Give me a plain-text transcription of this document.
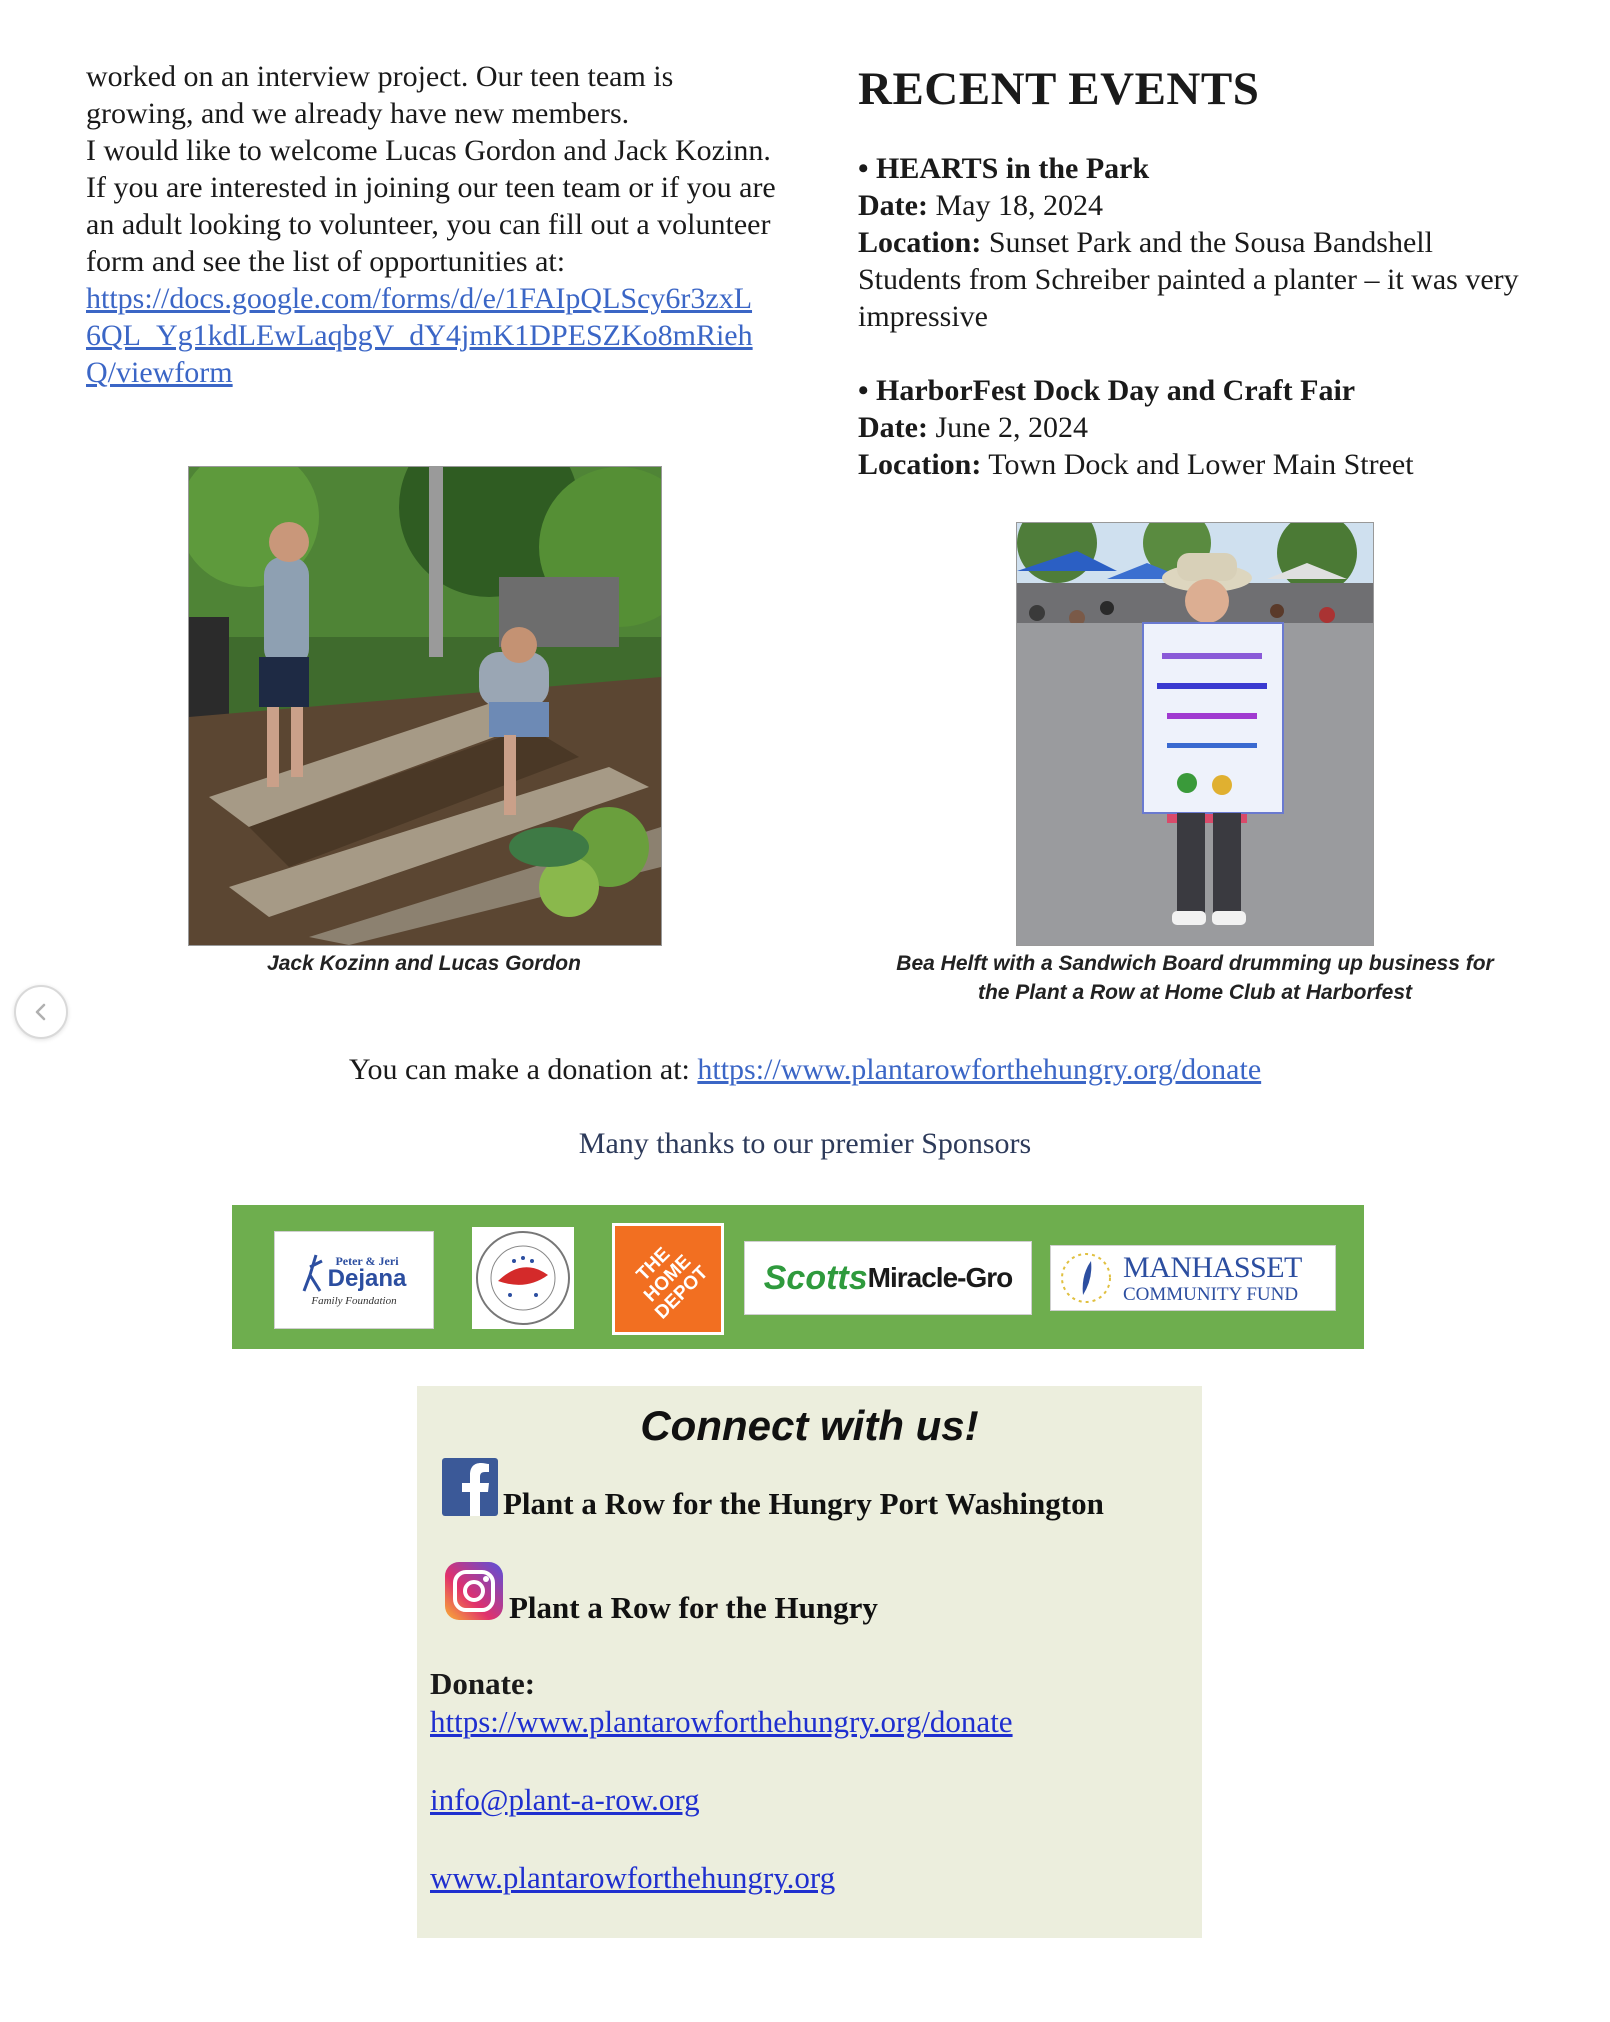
worked on an interview project. Our teen team is growing, and we already have new members.

I would like to welcome Lucas Gordon and Jack Kozinn. If you are interested in joining our teen team or if you are an adult looking to volunteer, you can fill out a volunteer form and see the list of opportunities at:

https://docs.google.com/forms/d/e/1FAIpQLScy6r3zxL6QL_Yg1kdLEwLaqbgV_dY4jmK1DPESZKo8mRiehQ/viewform
Jack Kozinn and Lucas Gordon
RECENT EVENTS
• HEARTS in the Park
Date: May 18, 2024
Location: Sunset Park and the Sousa Bandshell
Students from Schreiber painted a planter – it was very impressive
• HarborFest Dock Day and Craft Fair
Date: June 2, 2024
Location: Town Dock and Lower Main Street
Bea Helft with a Sandwich Board drumming up business for
the Plant a Row at Home Club at Harborfest
You can make a donation at: https://www.plantarowforthehungry.org/donate
Many thanks to our premier Sponsors
Peter & Jeri
Dejana
Family Foundation
THE HOME DEPOT Scotts Miracle-Gro	MANHASSET
COMMUNITY FUND
Connect with us!
Plant a Row for the Hungry Port Washington
Plant a Row for the Hungry
Donate:
https://www.plantarowforthehungry.org/donate
info@plant-a-row.org
www.plantarowforthehungry.org
